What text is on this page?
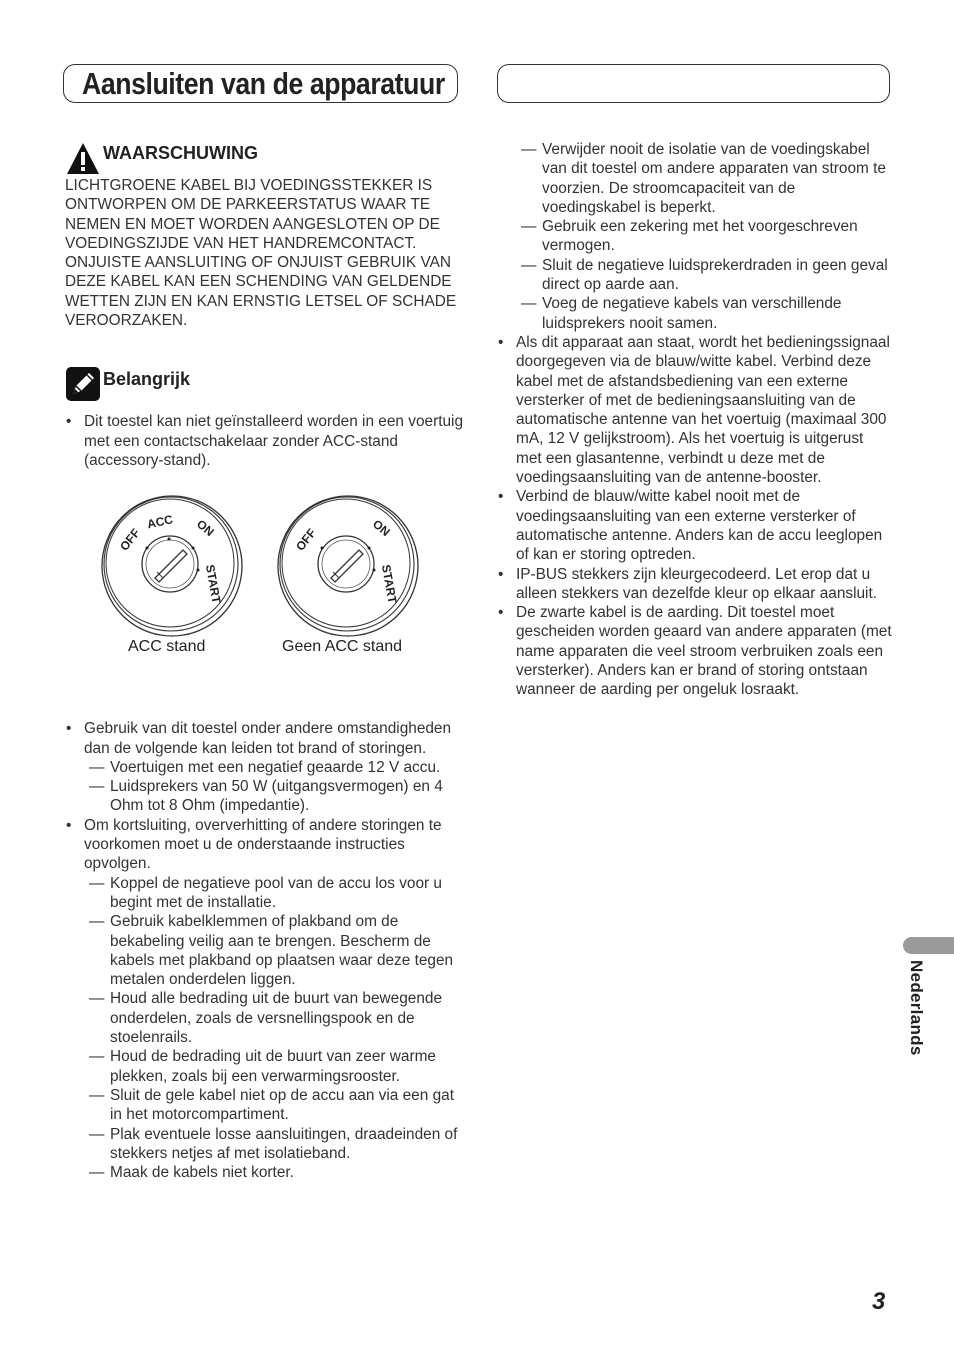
Aansluiten van de apparatuur
WAARSCHUWING

LICHTGROENE KABEL BIJ VOEDINGSSTEKKER IS ONTWORPEN OM DE PARKEERSTATUS WAAR TE NEMEN EN MOET WORDEN AANGESLOTEN OP DE VOEDINGSZIJDE VAN HET HANDREMCONTACT. ONJUISTE AANSLUITING OF ONJUIST GEBRUIK VAN DEZE KABEL KAN EEN SCHENDING VAN GELDENDE WETTEN ZIJN EN KAN ERNSTIG LETSEL OF SCHADE VEROORZAKEN.

Belangrijk
• Dit toestel kan niet geïnstalleerd worden in een voertuig met een contactschakelaar zonder ACC-stand (accessory-stand).
OFF
ACC ON
START
OFF	ON
START
ACC stand	Geen ACC stand
• Gebruik van dit toestel onder andere omstandigheden dan de volgende kan leiden tot brand of storingen.
— Voertuigen met een negatief geaarde 12 V accu.
— Luidsprekers van 50 W (uitgangsvermogen) en 4 Ohm tot 8 Ohm (impedantie).
• Om kortsluiting, oververhitting of andere storingen te voorkomen moet u de onderstaande instructies opvolgen.
— Koppel de negatieve pool van de accu los voor u begint met de installatie.
— Gebruik kabelklemmen of plakband om de bekabeling veilig aan te brengen. Bescherm de kabels met plakband op plaatsen waar deze tegen metalen onderdelen liggen.
— Houd alle bedrading uit de buurt van bewegende onderdelen, zoals de versnellingspook en de stoelenrails.
— Houd de bedrading uit de buurt van zeer warme plekken, zoals bij een verwarmingsrooster.
— Sluit de gele kabel niet op de accu aan via een gat in het motorcompartiment.
— Plak eventuele losse aansluitingen, draadeinden of stekkers netjes af met isolatieband.
— Maak de kabels niet korter.
— Verwijder nooit de isolatie van de voedingskabel van dit toestel om andere apparaten van stroom te voorzien. De stroomcapaciteit van de voedingskabel is beperkt.
— Gebruik een zekering met het voorgeschreven vermogen.
— Sluit de negatieve luidsprekerdraden in geen geval direct op aarde aan.
— Voeg de negatieve kabels van verschillende luidsprekers nooit samen.
• Als dit apparaat aan staat, wordt het bedieningssignaal doorgegeven via de blauw/witte kabel. Verbind deze kabel met de afstandsbediening van een externe versterker of met de bedieningsaansluiting van de automatische antenne van het voertuig (maximaal 300 mA, 12 V gelijkstroom). Als het voertuig is uitgerust met een glasantenne, verbindt u deze met de voedingsaansluiting van de antenne-booster.
• Verbind de blauw/witte kabel nooit met de voedingsaansluiting van een externe versterker of automatische antenne. Anders kan de accu leeglopen of kan er storing optreden.
• IP-BUS stekkers zijn kleurgecodeerd. Let erop dat u alleen stekkers van dezelfde kleur op elkaar aansluit.
• De zwarte kabel is de aarding. Dit toestel moet gescheiden worden geaard van andere apparaten (met name apparaten die veel stroom verbruiken zoals een versterker). Anders kan er brand of storing ontstaan wanneer de aarding per ongeluk losraakt.
Nederlands
3
